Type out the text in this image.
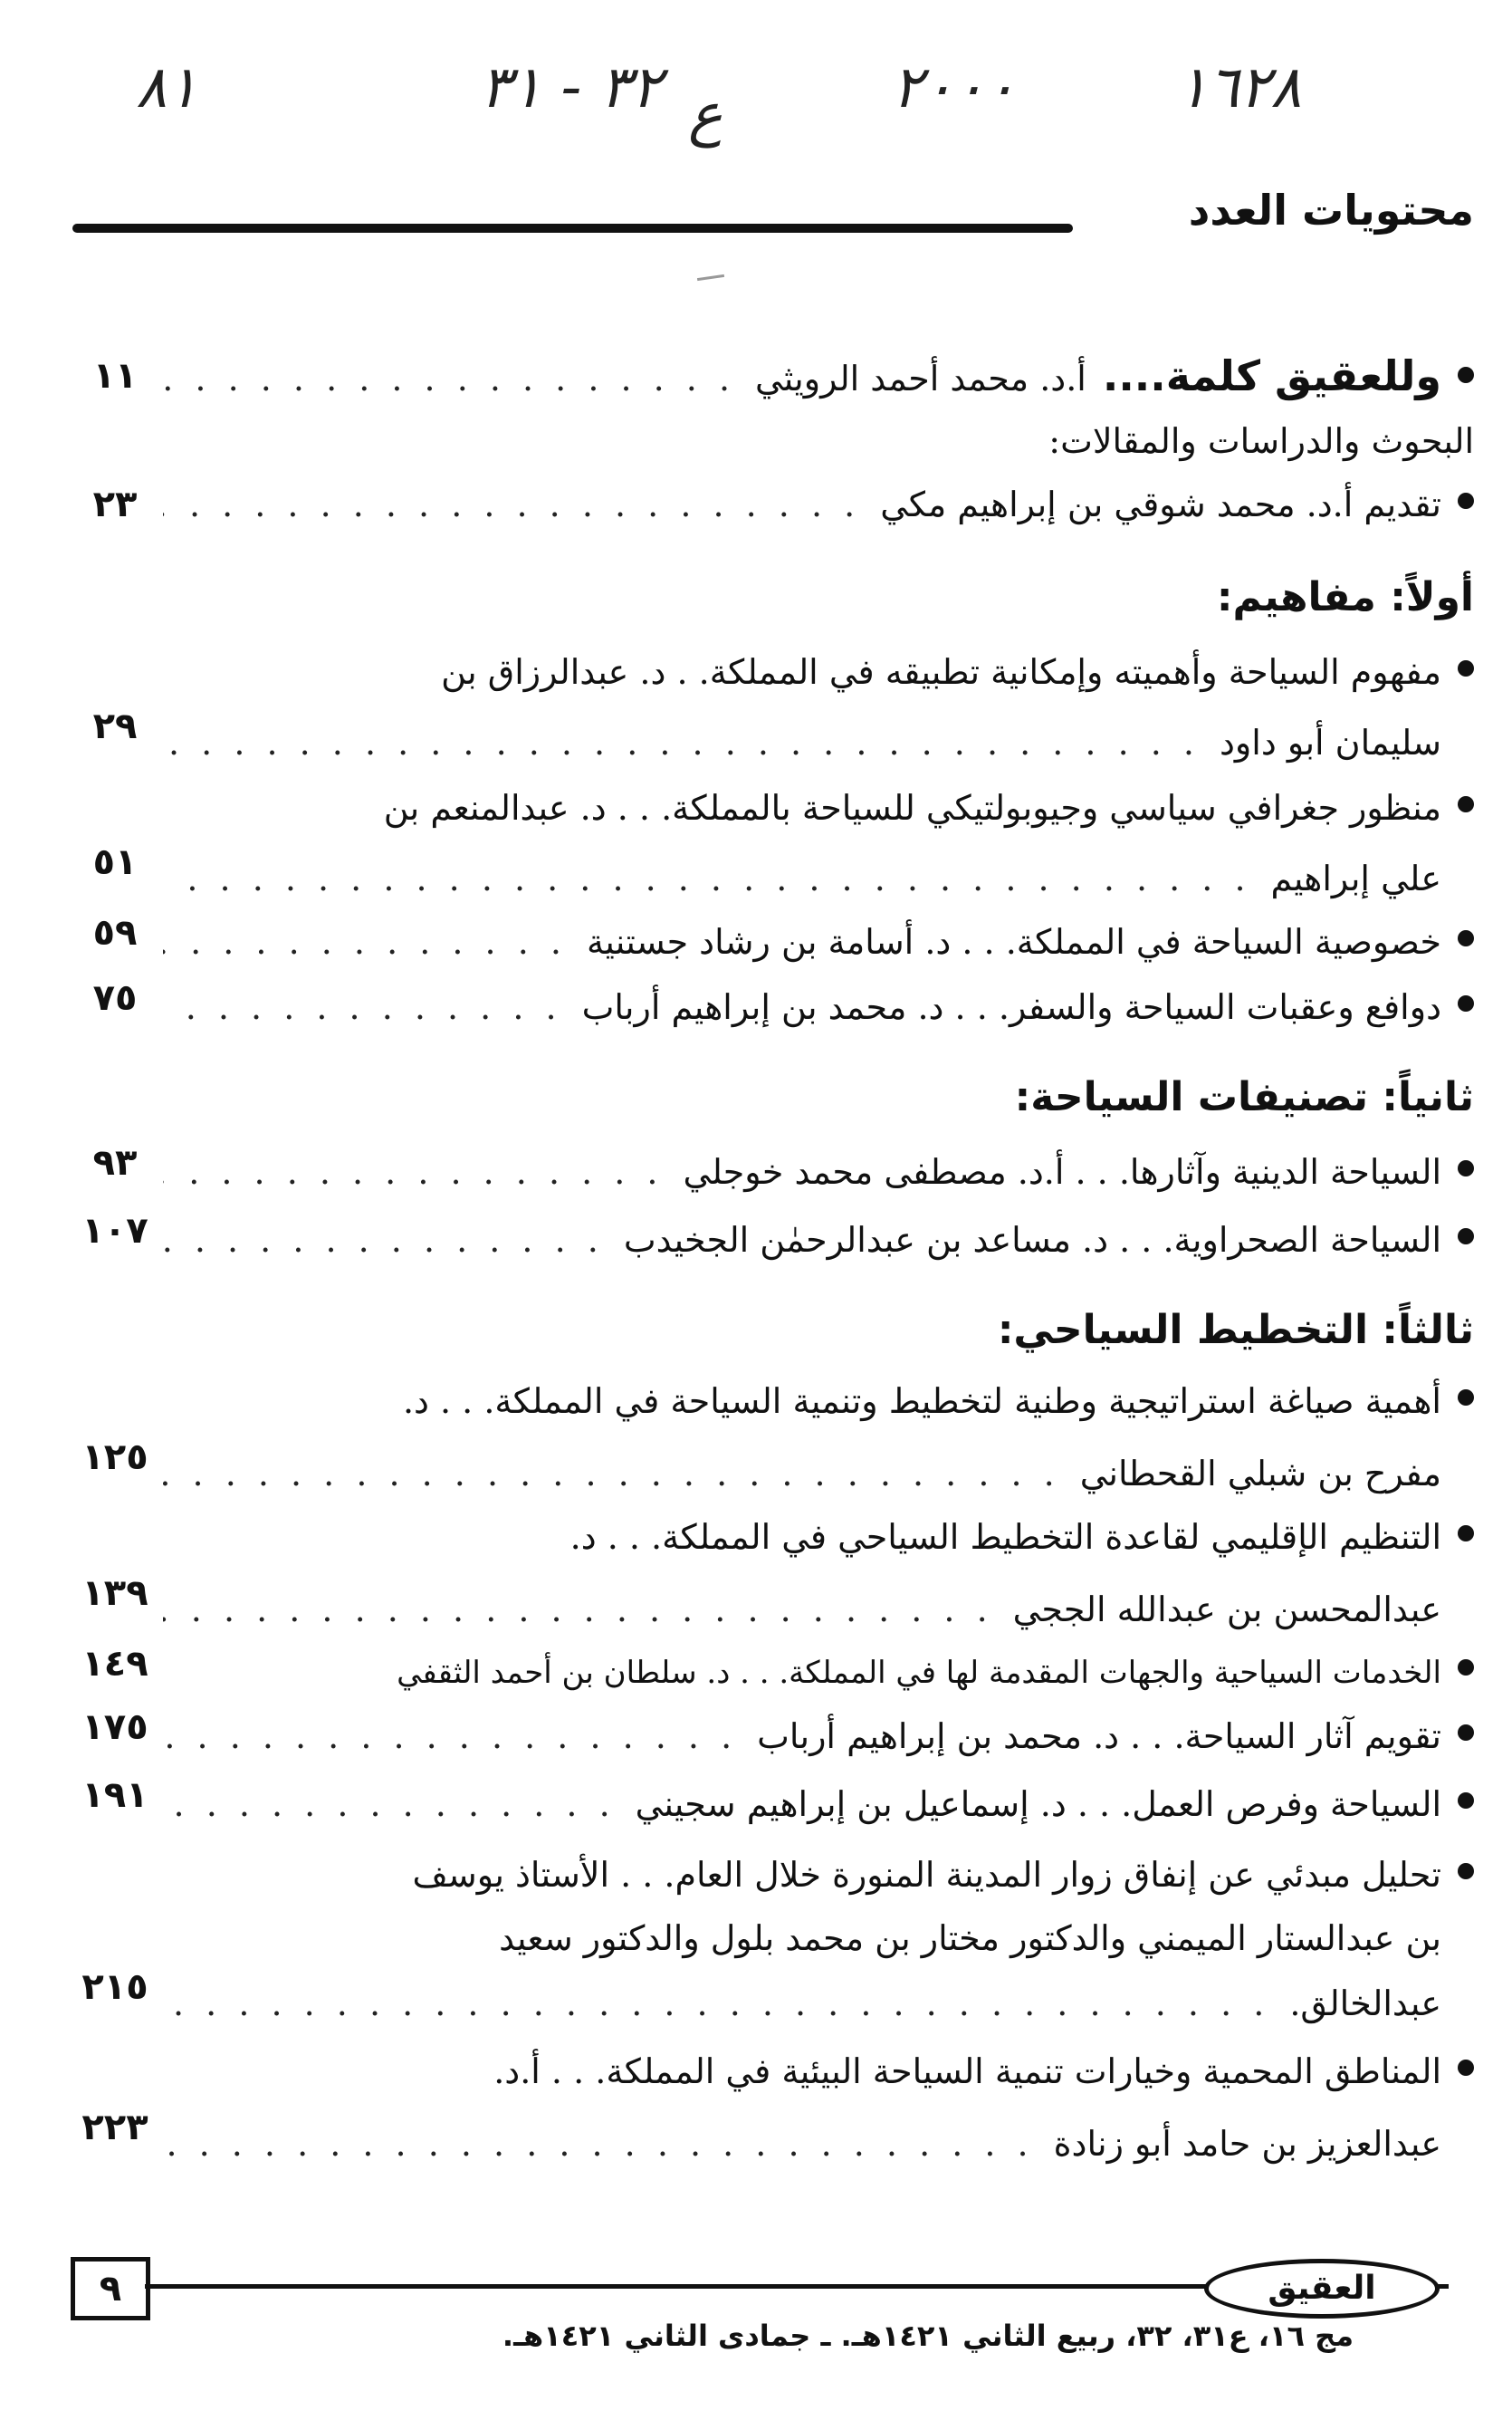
٨١	٣٢ - ٣١ ع	٢٠٠٠	١٦٢٨
محتويات العدد
وللعقيق كلمة....
أ.د. محمد أحمد الرويثي
. . .
١١
البحوث والدراسات والمقالات:
تقديم أ.د. محمد شوقي بن إبراهيم مكي
. . .
٢٣
أولاً: مفاهيم:
مفهوم السياحة وأهميته وإمكانية تطبيقه في المملكة. . د. عبدالرزاق بن
سليمان أبو داود
. . .
٢٩
منظور جغرافي سياسي وجيوبولتيكي للسياحة بالمملكة. . . د. عبدالمنعم بن
علي إبراهيم
. . .
٥١
خصوصية السياحة في المملكة. . . د. أسامة بن رشاد جستنية
. . .
٥٩
دوافع وعقبات السياحة والسفر. . . د. محمد بن إبراهيم أرباب
. . .
٧٥
ثانياً: تصنيفات السياحة:
السياحة الدينية وآثارها. . . أ.د. مصطفى محمد خوجلي
. . .
٩٣
السياحة الصحراوية. . . د. مساعد بن عبدالرحمٰن الجخيدب
. . .
١٠٧
ثالثاً: التخطيط السياحي:
أهمية صياغة استراتيجية وطنية لتخطيط وتنمية السياحة في المملكة. . . د.
مفرح بن شبلي القحطاني
. . .
١٢٥
التنظيم الإقليمي لقاعدة التخطيط السياحي في المملكة. . . د.
عبدالمحسن بن عبدالله الججي
. . .
١٣٩
الخدمات السياحية والجهات المقدمة لها في المملكة. . . د. سلطان بن أحمد الثقفي
١٤٩
تقويم آثار السياحة. . . د. محمد بن إبراهيم أرباب
. . .
١٧٥
السياحة وفرص العمل. . . د. إسماعيل بن إبراهيم سجيني
. . .
١٩١
تحليل مبدئي عن إنفاق زوار المدينة المنورة خلال العام. . . الأستاذ يوسف
بن عبدالستار الميمني والدكتور مختار بن محمد بلول والدكتور سعيد
عبدالخالق.
. . .
٢١٥
المناطق المحمية وخيارات تنمية السياحة البيئية في المملكة. . . أ.د.
عبدالعزيز بن حامد أبو زنادة
. . .
٢٢٣
٩	العقيق
مج ١٦، ع٣١، ٣٢، ربيع الثاني ١٤٢١هـ. ـ جمادى الثاني ١٤٢١هـ.
